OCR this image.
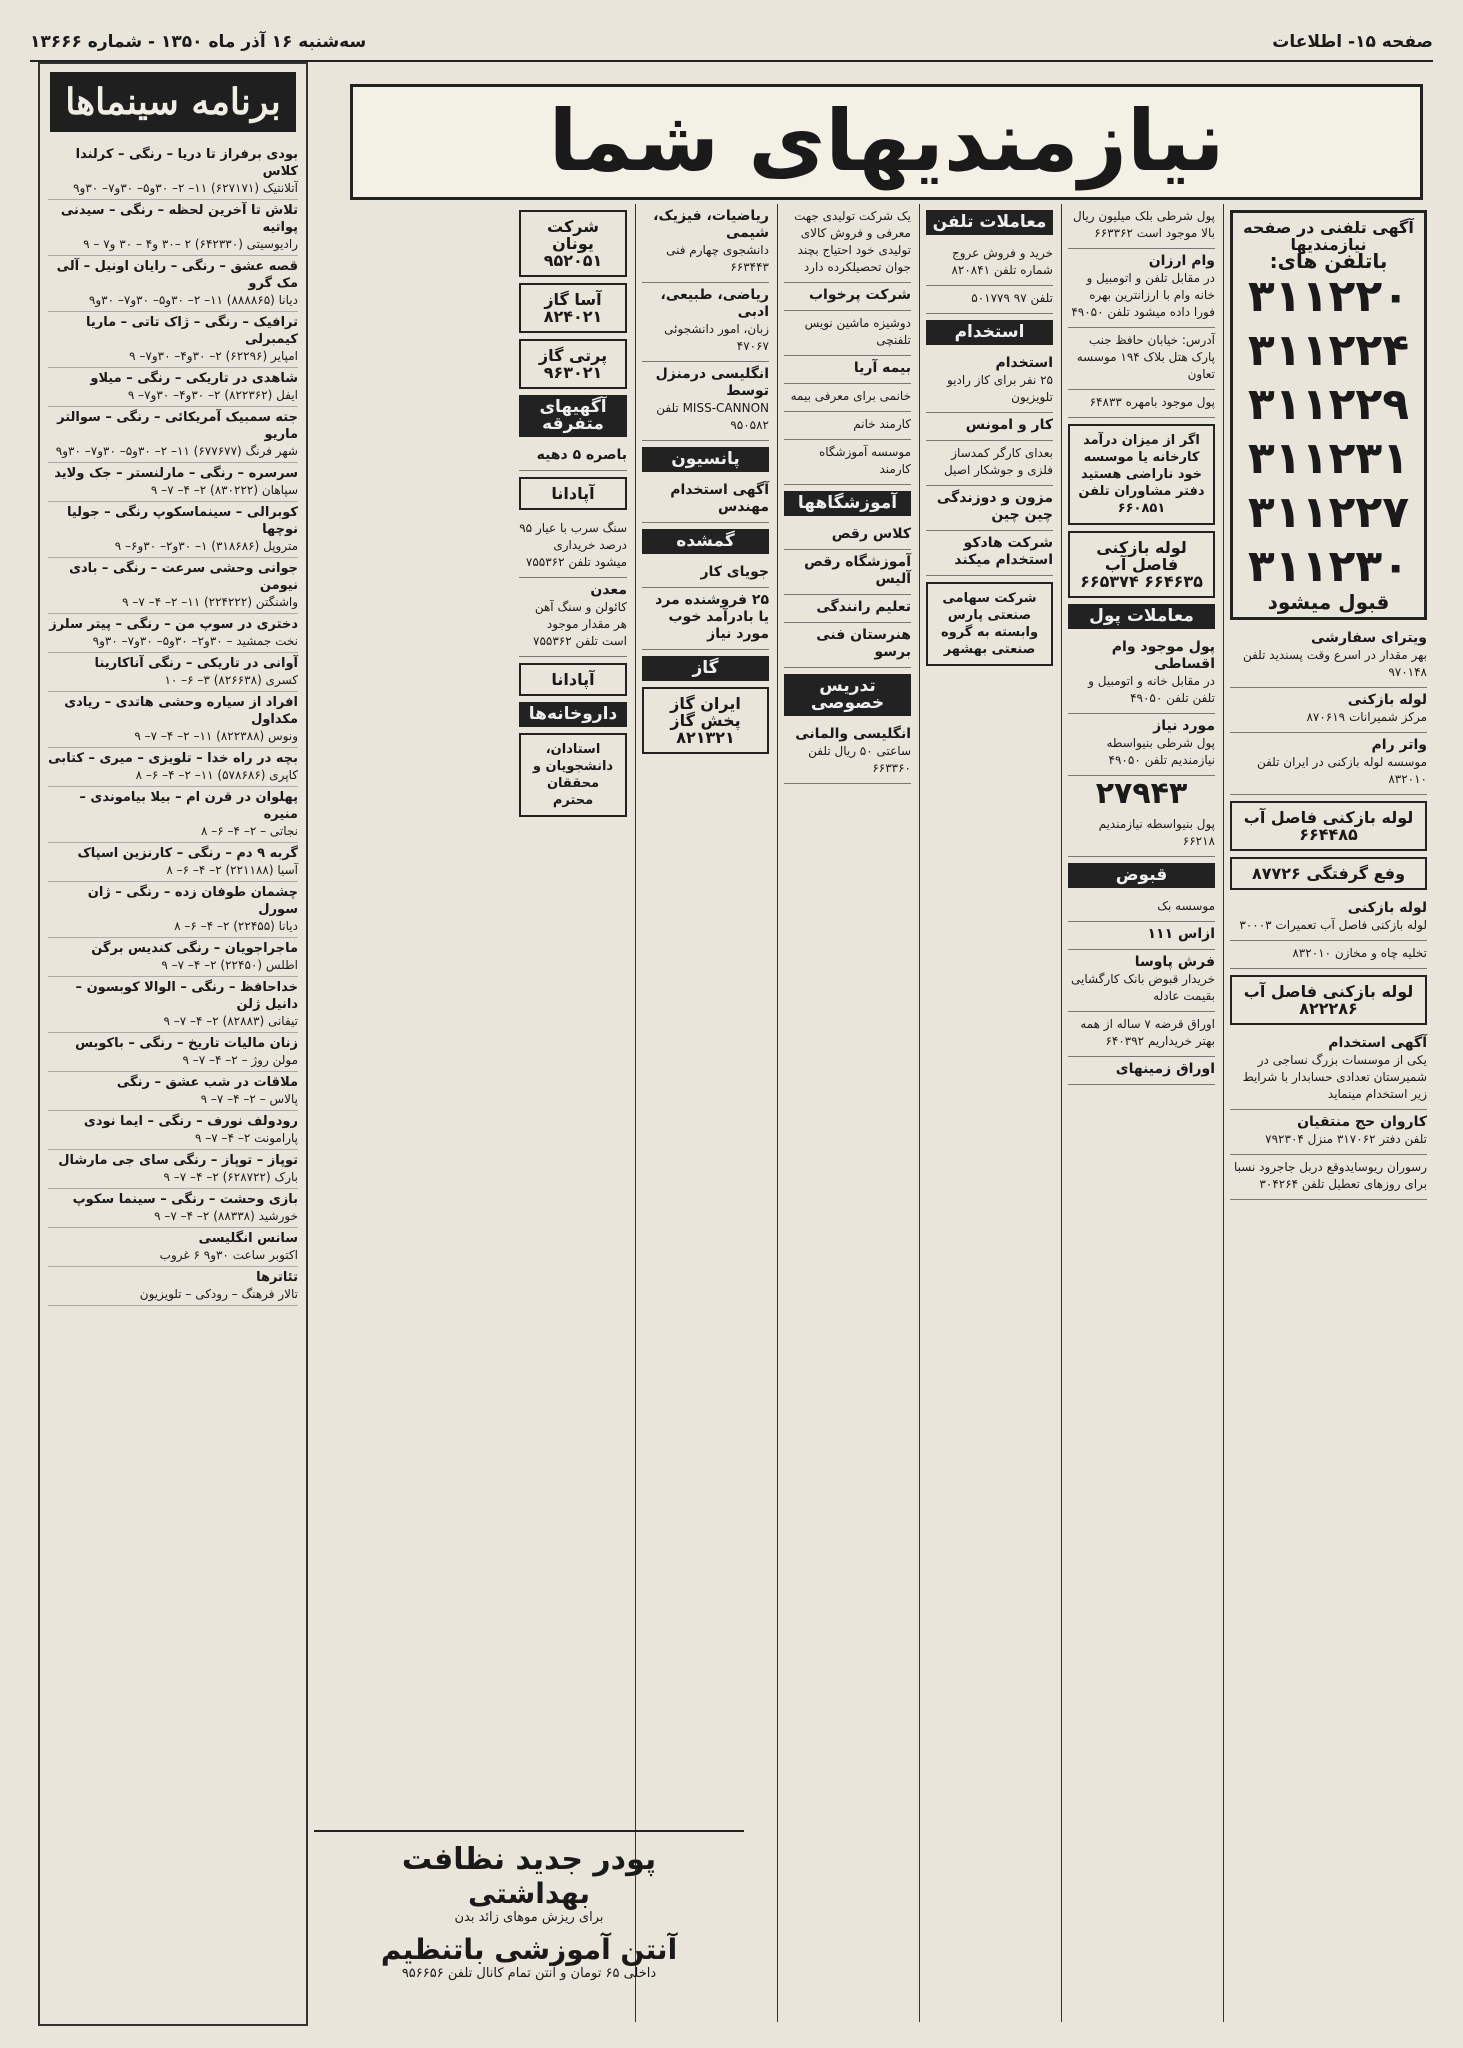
صفحه ۱۵- اطلاعات
سه‌شنبه ۱۶ آذر ماه ۱۳۵۰ - شماره ۱۳۶۶۶
برنامه سینماها
بودی برفراز تا دریا – رنگی – کرلندا کلاس
آتلانتیک (۶۲۷۱۷۱) ۱۱– ۲– ۳۰و۵– ۳۰و۷– ۳۰و۹
تلاش تا آخرین لحظه – رنگی – سیدنی پواتیه
رادیوسیتی (۶۴۲۳۳۰) ۲ –۳۰ و۴ – ۳۰ و۷ – ۹
قصه عشق – رنگی – رایان اونیل – آلی مک گرو
دیانا (۸۸۸۸۶۵) ۱۱– ۲– ۳۰و۵– ۳۰و۷– ۳۰و۹
ترافیک – رنگی – ژاک تاتی – ماریا کیمبرلی
امپایر (۶۲۲۹۶) ۲– ۳۰و۴– ۳۰و۷– ۹
شاهدی در تاریکی – رنگی – میلاو
ایفل (۸۲۲۳۶۲) ۲– ۳۰و۴– ۳۰و۷– ۹
جته سمبیک آمریکائی – رنگی – سوالتر ماریو
شهر فرنگ (۶۷۷۶۷۷) ۱۱– ۲– ۳۰و۵– ۳۰و۷– ۳۰و۹
سرسره – رنگی – مارلنستر – جک ولاید
سپاهان (۸۳۰۲۲۲) ۲– ۴– ۷– ۹
کوبرالی – سینماسکوپ رنگی – جولیا نوچها
متروپل (۳۱۸۶۸۶) ۱– ۳۰و۲– ۳۰و۶– ۹
جوانی وحشی سرعت – رنگی – بادی نیومن
واشنگتن (۲۲۴۲۲۲) ۱۱– ۲– ۴– ۷– ۹
دختری در سوپ من – رنگی – پیتر سلرز
نخت جمشید – ۳۰و۲– ۳۰و۵– ۳۰و۷– ۳۰و۹
آوانی در تاریکی – رنگی آناکارینا
کسری (۸۲۶۶۳۸) ۳– ۶– ۱۰
افراد از سیاره وحشی هاتدی – ریادی مکداول
ونوس (۸۲۲۳۸۸) ۱۱– ۲– ۴– ۷– ۹
بچه در راه خدا – تلویزی – میری – کتابی
کاپری (۵۷۸۶۸۶) ۱۱– ۲– ۴– ۶– ۸
پهلوان در قرن ام – بیلا بیاموندی – منیره
نجاتی – ۲– ۴– ۶– ۸
گربه ۹ دم – رنگی – کارنزین اسپاک
آسیا (۲۲۱۱۸۸) ۲– ۴– ۶– ۸
چشمان طوفان زده – رنگی – ژان سورل
دیانا (۲۲۴۵۵) ۲– ۴– ۶– ۸
ماجراجویان – رنگی کندیس برگن
اطلس (۲۲۴۵۰) ۲– ۴– ۷– ۹
خداحافظ – رنگی – الوالا کوبسون – دانیل ژلن
تیفانی (۸۲۸۸۳) ۲– ۴– ۷– ۹
زنان مالیات تاریخ – رنگی – باکوبس
مولن روژ – ۲– ۴– ۷– ۹
ملاقات در شب عشق – رنگی
پالاس – ۲– ۴– ۷– ۹
رودولف نورف – رنگی – ایما نودی
پارامونت ۲– ۴– ۷– ۹
توپاز – توپاز – رنگی سای جی مارشال
بارک (۶۲۸۷۲۲) ۲– ۴– ۷– ۹
بازی وحشت – رنگی – سینما سکوپ
خورشید (۸۸۳۳۸) ۲– ۴– ۷– ۹
سانس انگلیسی
اکتوبر ساعت ۳۰و۹ ۶ غروب
تئاترها
تالار فرهنگ – رودکی – تلویزیون
نیازمندیهای شما
آگهی تلفنی در صفحه نیازمندیها
باتلفن های:
۳۱۱۲۲۰
۳۱۱۲۲۴
۳۱۱۲۲۹
۳۱۱۲۳۱
۳۱۱۲۲۷
۳۱۱۲۳۰
قبول میشود
ویترای سفارشی
بهر مقدار در اسرع وقت پسندید تلفن ۹۷۰۱۴۸
لوله بازکنی
مرکز شمیرانات ۸۷۰۶۱۹
واتر رام
موسسه لوله بازکنی در ایران تلفن ۸۳۲۰۱۰
لوله بازکنی فاصل آب ۶۶۴۴۸۵
وفع گرفتگی ۸۷۷۲۶
لوله بازکنی
لوله بازکنی فاصل آب تعمیرات ۳۰۰۰۳
تخلیه چاه و مخازن ۸۳۲۰۱۰
لوله بازکنی فاصل آب ۸۲۲۲۸۶
آگهی استخدام
یکی از موسسات بزرگ نساجی در شمیرستان تعدادی حسابدار با شرایط زیر استخدام مینماید
کاروان حج منتقیان
تلفن دفتر ۳۱۷۰۶۲ منزل ۷۹۲۳۰۴
رسوران ریوسایدوقع دربل جاجرود نسبا برای روزهای تعطیل تلفن ۳۰۴۲۶۴
پول شرطی بلک میلیون ریال بالا موجود است ۶۶۳۳۶۲
وام ارزان
در مقابل تلفن و اتومبیل و خانه وام با ارزانترین بهره فورا داده میشود تلفن ۴۹۰۵۰
آدرس: خیابان حافظ جنب پارک هتل بلاک ۱۹۴ موسسه تعاون
پول موجود بامهره ۶۴۸۳۳
اگر از میزان درآمد کارخانه یا موسسه خود ناراضی هستید دفتر مشاوران تلفن ۶۶۰۸۵۱
لوله بازکنی فاصل آب ۶۶۴۶۳۵ ۶۶۵۳۷۴
معاملات پول
پول موجود وام اقساطی
در مقابل خانه و اتومبیل و تلفن تلفن ۴۹۰۵۰
مورد نیاز
پول شرطی بنیواسطه نیازمندیم تلفن ۴۹۰۵۰
۲۷۹۴۳
پول بنیواسطه نیازمندیم ۶۶۲۱۸
قبوض
موسسه بک
ازاس ۱۱۱
فرش پاوسا
خریدار قبوض بانک کارگشایی بقیمت عادله
اوراق قرضه ۷ ساله از همه بهتر خریداریم ۶۴۰۳۹۲
اوراق زمینهای
معاملات تلفن
خرید و فروش عروج شماره تلفن ۸۲۰۸۴۱
تلفن ۹۷ ۵۰۱۷۷۹
استخدام
استخدام
۲۵ نفر برای کاز رادیو تلویزیون
کار و امونس
بعدای کارگر کمدساز فلزی و جوشکار اصیل
مزون و دوزندگی چین چین
شرکت هادکو استخدام میکند
شرکت سهامی صنعتی پارس وابسته به گروه صنعتی بهشهر
یک شرکت تولیدی جهت معرفی و فروش کالای تولیدی خود احتیاج بچند جوان تحصیلکرده دارد
شرکت پرخواب
دوشیزه ماشین نویس تلفنچی
بیمه آریا
خانمی برای معرفی بیمه
کارمند خانم
موسسه آموزشگاه کارمند
آموزشگاهها
کلاس رقص
آموزشگاه رقص آلیس
تعلیم رانندگی
هنرستان فنی برسو
تدریس خصوصی
انگلیسی والمانی
ساعتی ۵۰ ریال تلفن ۶۶۳۳۶۰
ریاضیات، فیزیک، شیمی
دانشجوی چهارم فنی ۶۶۳۴۴۳
ریاضی، طبیعی، ادبی
زبان، امور دانشجوئی ۴۷۰۶۷
انگلیسی درمنزل توسط
MISS-CANNON تلفن ۹۵۰۵۸۲
پانسیون
آگهی استخدام مهندس
گمشده
جویای کار
۲۵ فروشنده مرد یا بادرآمد خوب مورد نیاز
گاز
ایران گاز پخش گاز ۸۲۱۳۲۱
شرکت یونان ۹۵۲۰۵۱
آسا گاز ۸۲۴۰۲۱
پرتی گاز ۹۶۳۰۲۱
آگهیهای متفرقه
باصره ۵ دهیه
آپادانا
سنگ سرب با عیار ۹۵ درصد خریداری میشود تلفن ۷۵۵۳۶۲
معدن
کائولن و سنگ آهن هر مقدار موجود است تلفن ۷۵۵۳۶۲
آپادانا
داروخانه‌ها
استادان، دانشجویان و محققان محترم
پودر جدید نظافت
بهداشتی
برای ریزش موهای زائد بدن
آنتن آموزشی باتنظیم
داخلی ۶۵ تومان و آنتن تمام کانال تلفن ۹۵۶۶۵۶
